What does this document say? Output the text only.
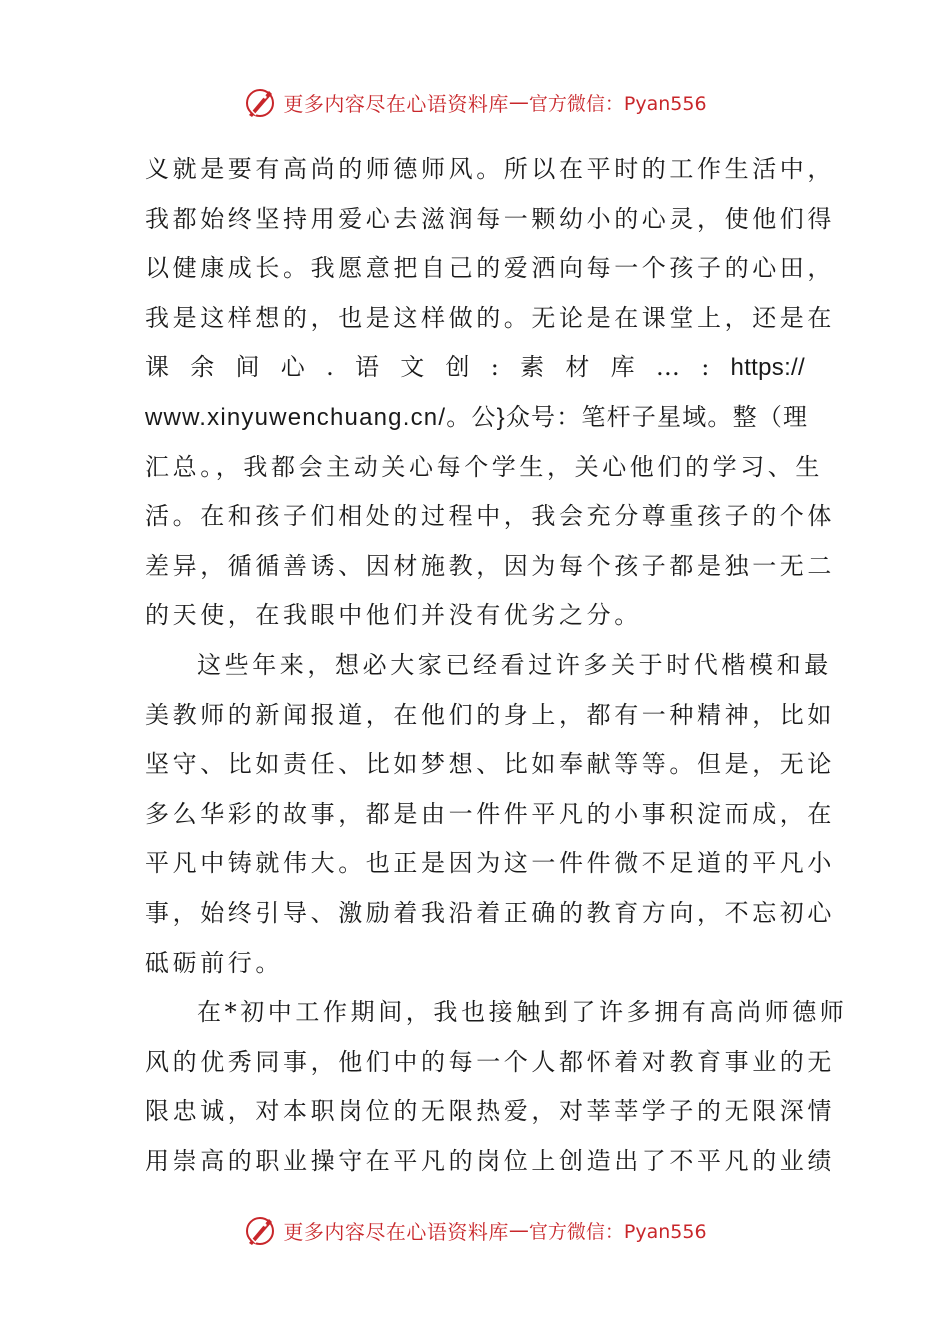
更多内容尽在心语资料库 — 官方微信：Pyan556
义就是要有高尚的师德师风。所以在平时的工作生活中，
我都始终坚持用爱心去滋润每一颗幼小的心灵，使他们得
以健康成长。我愿意把自己的爱洒向每一个孩子的心田，
我是这样想的，也是这样做的。无论是在课堂上，还是在
课 余 间 心 . 语 文 创 : 素 材 库 … : https://
www.xinyuwenchuang.cn/。公}众号：笔杆子星域。整（理
汇总。，我都会主动关心每个学生，关心他们的学习、生
活。在和孩子们相处的过程中，我会充分尊重孩子的个体
差异，循循善诱、因材施教，因为每个孩子都是独一无二
的天使，在我眼中他们并没有优劣之分。
这些年来，想必大家已经看过许多关于时代楷模和最
美教师的新闻报道，在他们的身上，都有一种精神，比如
坚守、比如责任、比如梦想、比如奉献等等。但是，无论
多么华彩的故事，都是由一件件平凡的小事积淀而成，在
平凡中铸就伟大。也正是因为这一件件微不足道的平凡小
事，始终引导、激励着我沿着正确的教育方向，不忘初心
砥砺前行。
在*初中工作期间，我也接触到了许多拥有高尚师德师
风的优秀同事，他们中的每一个人都怀着对教育事业的无
限忠诚，对本职岗位的无限热爱，对莘莘学子的无限深情
用崇高的职业操守在平凡的岗位上创造出了不平凡的业绩
更多内容尽在心语资料库 — 官方微信：Pyan556
